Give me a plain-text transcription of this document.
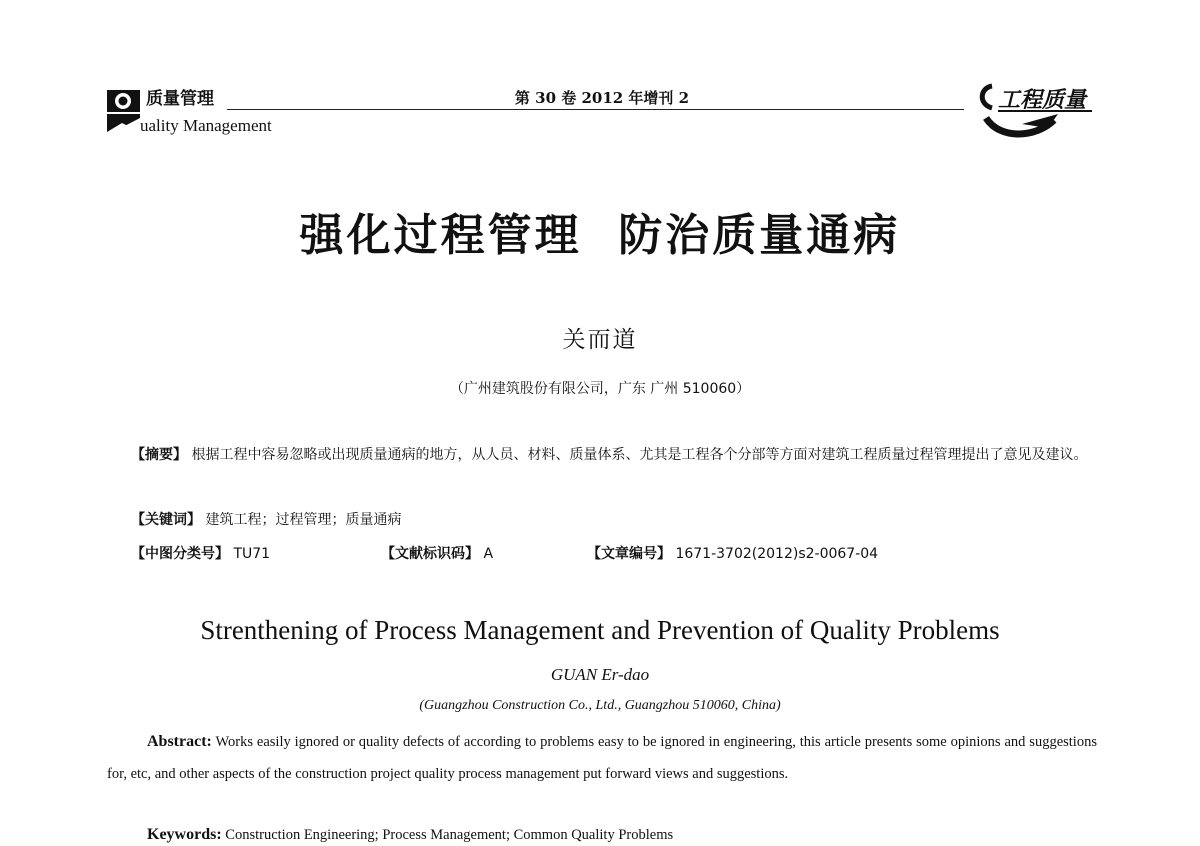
质量管理
uality Management
第 30 卷 2012 年增刊 2	工程质量
强化过程管理  防治质量通病
关而道
（广州建筑股份有限公司，广东 广州 510060）
【摘要】 根据工程中容易忽略或出现质量通病的地方，从人员、材料、质量体系、尤其是工程各个分部等方面对建筑工程质量过程管理提出了意见及建议。
【关键词】 建筑工程；过程管理；质量通病
【中图分类号】 TU71	【文献标识码】 A	【文章编号】 1671-3702(2012)s2-0067-04
Strenthening of Process Management and Prevention of Quality Problems
GUAN Er-dao
(Guangzhou Construction Co., Ltd., Guangzhou 510060, China)
Abstract: Works easily ignored or quality defects of according to problems easy to be ignored in engineering, this article presents some opinions and suggestions for, etc, and other aspects of the construction project quality process management put forward views and suggestions.
Keywords: Construction Engineering; Process Management; Common Quality Problems
